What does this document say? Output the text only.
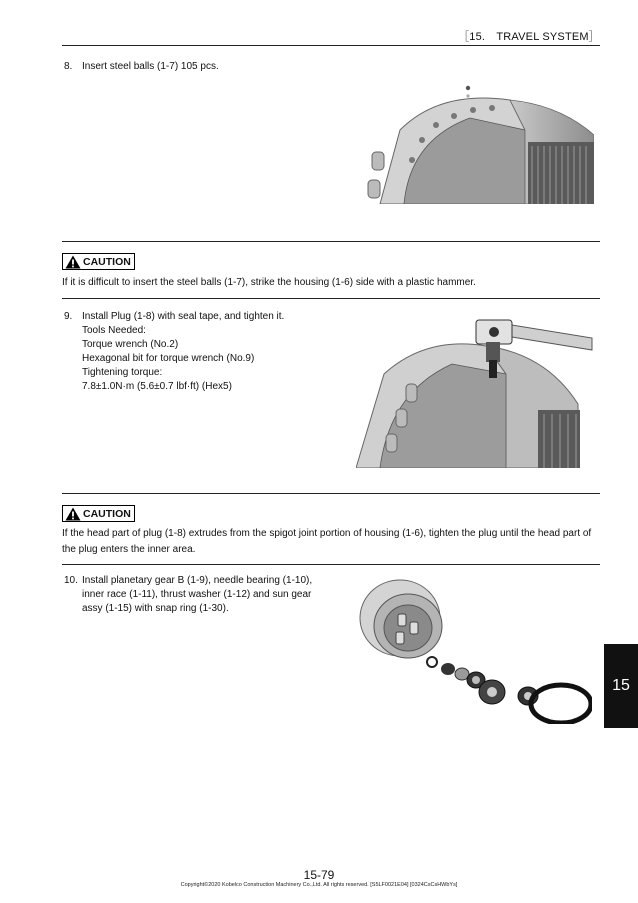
［15.　TRAVEL SYSTEM］
8. Insert steel balls (1-7) 105 pcs.
CAUTION
If it is difficult to insert the steel balls (1-7), strike the housing (1-6) side with a plastic hammer.
9. Install Plug (1-8) with seal tape, and tighten it.
Tools Needed:
Torque wrench (No.2)
Hexagonal bit for torque wrench (No.9)
Tightening torque:
7.8±1.0N·m (5.6±0.7 lbf·ft) (Hex5)
CAUTION
If the head part of plug (1-8) extrudes from the spigot joint portion of housing (1-6), tighten the plug until the head part of the plug enters the inner area.
10. Install planetary gear B (1-9), needle bearing (1-10),
inner race (1-11), thrust washer (1-12) and sun gear
assy (1-15) with snap ring (1-30).
15
15-79
Copyright©2020 Kobelco Construction Machinery Co.,Ltd. All rights reserved. [S5LF0021E04] [0324CsCsHWbYs]
